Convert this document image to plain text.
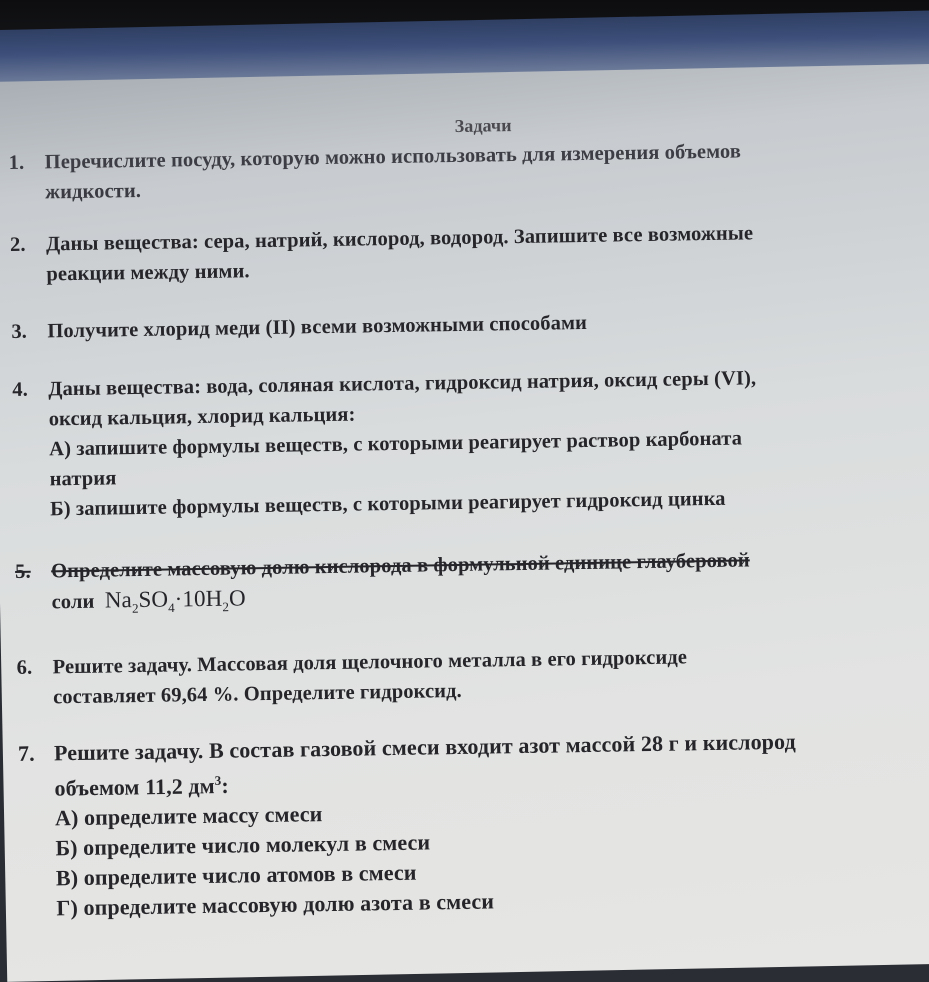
Задачи
1. Перечислите посуду, которую можно использовать для измерения объемов
жидкости.
2. Даны вещества: сера, натрий, кислород, водород. Запишите все возможные
реакции между ними.
3. Получите хлорид меди (II) всеми возможными способами
4. Даны вещества: вода, соляная кислота, гидроксид натрия, оксид серы (VI),
оксид кальция, хлорид кальция:
А) запишите формулы веществ, с которыми реагирует раствор карбоната
натрия
Б) запишите формулы веществ, с которыми реагирует гидроксид цинка
5. Определите массовую долю кислорода в формульной единице глауберовой
соли $Na_2SO_4\cdot 10H_2O$
6. Решите задачу. Массовая доля щелочного металла в его гидроксиде
составляет 69,64 %. Определите гидроксид.
7. Решите задачу. В состав газовой смеси входит азот массой 28 г и кислород
объемом 11,2 $дм^3$:
А) определите массу смеси
Б) определите число молекул в смеси
В) определите число атомов в смеси
Г) определите массовую долю азота в смеси
